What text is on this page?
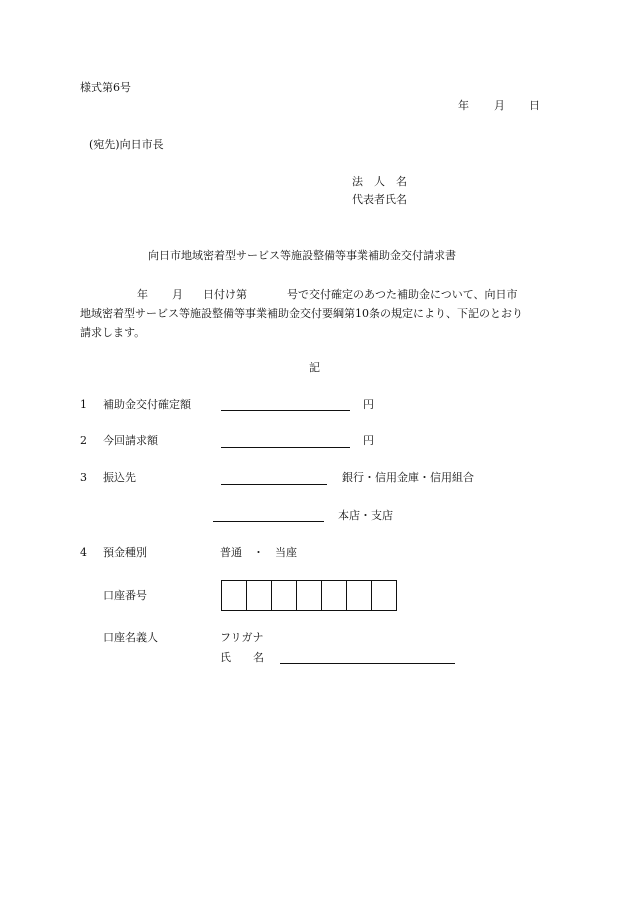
様式第6号
年 月 日
(宛先)向日市長
法　人　名
代表者氏名
向日市地域密着型サービス等施設整備等事業補助金交付請求書
年 月 日付け第	号で交付確定のあつた補助金について、向日市
地域密着型サービス等施設整備等事業補助金交付要綱第10条の規定により、下記のとおり
請求します。
記
1 補助金交付確定額	円
2 今回請求額	円
3 振込先	銀行・信用金庫・信用組合
本店・支店
4 預金種別	普通　・　当座
口座番号
口座名義人	フリガナ
氏　　名
